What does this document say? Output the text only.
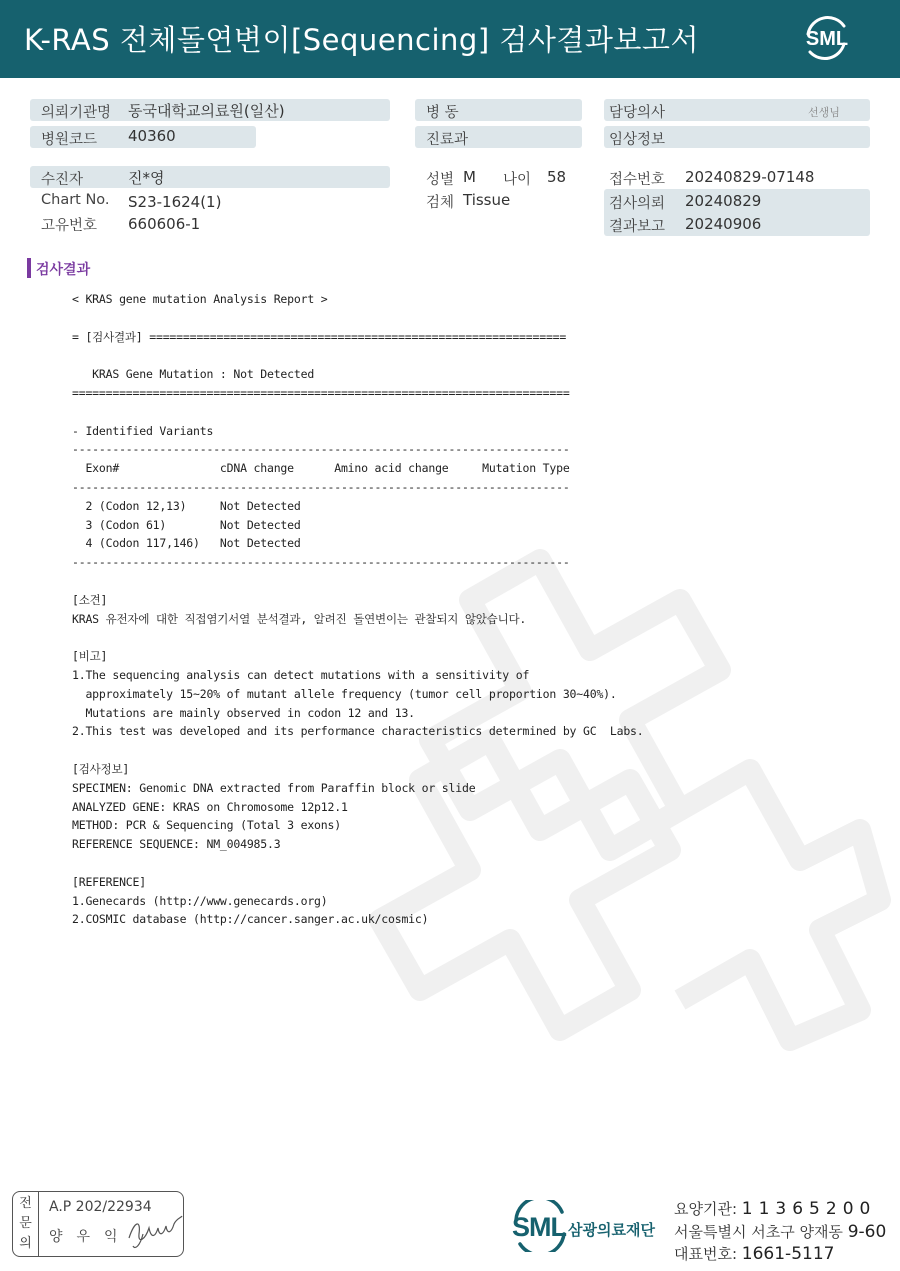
K-RAS 전체돌연변이[Sequencing] 검사결과보고서	SML
의뢰기관명 동국대학교의료원(일산)
병원코드 40360
수진자	진*영
Chart No. S23-1624(1)
고유번호 660606-1
병 동
진료과
성별 M 나이 58
검체 Tissue
담당의사	선생님
임상정보
접수번호 20240829-07148
검사의뢰 20240829
결과보고 20240906
검사결과
< KRAS gene mutation Analysis Report >

= [검사결과] ==============================================================

KRAS Gene Mutation : Not Detected
==========================================================================

- Identified Variants
--------------------------------------------------------------------------
Exon#               cDNA change      Amino acid change     Mutation Type
--------------------------------------------------------------------------
2 (Codon 12,13)     Not Detected
3 (Codon 61)        Not Detected
4 (Codon 117,146)   Not Detected
--------------------------------------------------------------------------

[소견]
KRAS 유전자에 대한 직접염기서열 분석결과, 알려진 돌연변이는 관찰되지 않았습니다.

[비고]
1.The sequencing analysis can detect mutations with a sensitivity of
approximately 15~20% of mutant allele frequency (tumor cell proportion 30~40%).
Mutations are mainly observed in codon 12 and 13.
2.This test was developed and its performance characteristics determined by GC  Labs.

[검사정보]
SPECIMEN: Genomic DNA extracted from Paraffin block or slide
ANALYZED GENE: KRAS on Chromosome 12p12.1
METHOD: PCR & Sequencing (Total 3 exons)
REFERENCE SEQUENCE: NM_004985.3

[REFERENCE]
1.Genecards (http://www.genecards.org)
2.COSMIC database (http://cancer.sanger.ac.uk/cosmic)
전
문
의
A.P 202/22934
양우익	SML 삼광의료재단
요양기관: 11365200
서울특별시 서초구 양재동 9-60
대표번호: 1661-5117
